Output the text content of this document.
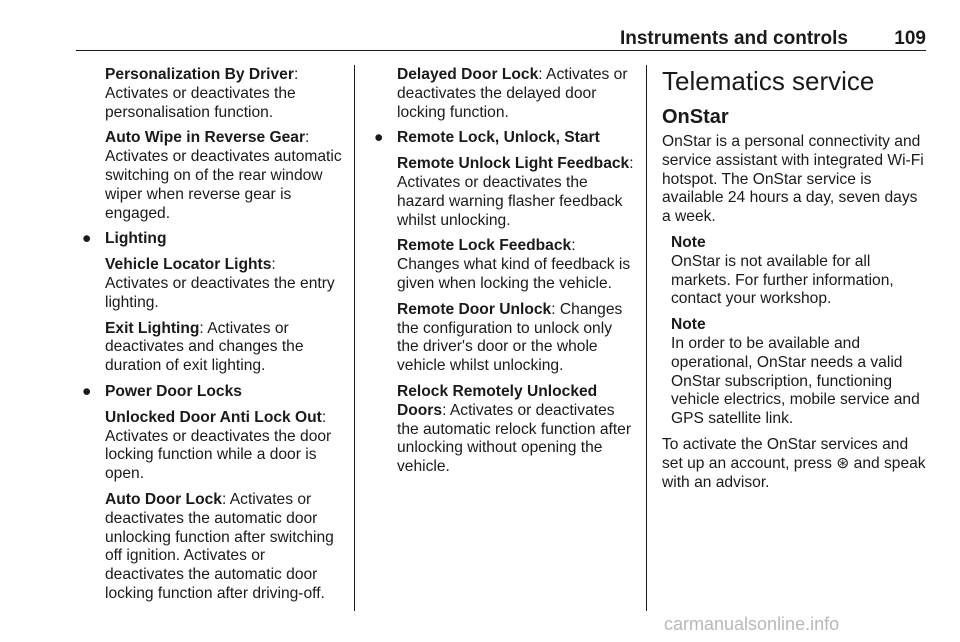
Instruments and controls 109

Personalization By Driver:
Activates or deactivates the personalisation function.

Auto Wipe in Reverse Gear:
Activates or deactivates automatic switching on of the rear window wiper when reverse gear is engaged.

● Lighting

Vehicle Locator Lights: Activates or deactivates the entry lighting.

Exit Lighting: Activates or deactivates and changes the duration of exit lighting.

● Power Door Locks

Unlocked Door Anti Lock Out:
Activates or deactivates the door locking function while a door is open.

Auto Door Lock: Activates or deactivates the automatic door unlocking function after switching off ignition. Activates or deactivates the automatic door locking function after driving-off.

Delayed Door Lock: Activates or deactivates the delayed door locking function.

● Remote Lock, Unlock, Start

Remote Unlock Light Feedback:
Activates or deactivates the hazard warning flasher feedback whilst unlocking.

Remote Lock Feedback:
Changes what kind of feedback is given when locking the vehicle.

Remote Door Unlock: Changes the configuration to unlock only the driver's door or the whole vehicle whilst unlocking.

Relock Remotely Unlocked Doors: Activates or deactivates the automatic relock function after unlocking without opening the vehicle.

Telematics service
OnStar

OnStar is a personal connectivity and service assistant with integrated Wi-Fi hotspot. The OnStar service is available 24 hours a day, seven days a week.

Note

OnStar is not available for all markets. For further information, contact your workshop.

Note

In order to be available and operational, OnStar needs a valid OnStar subscription, functioning vehicle electrics, mobile service and GPS satellite link.

To activate the OnStar services and set up an account, press ⊛ and speak with an advisor.

carmanualsonline.info
